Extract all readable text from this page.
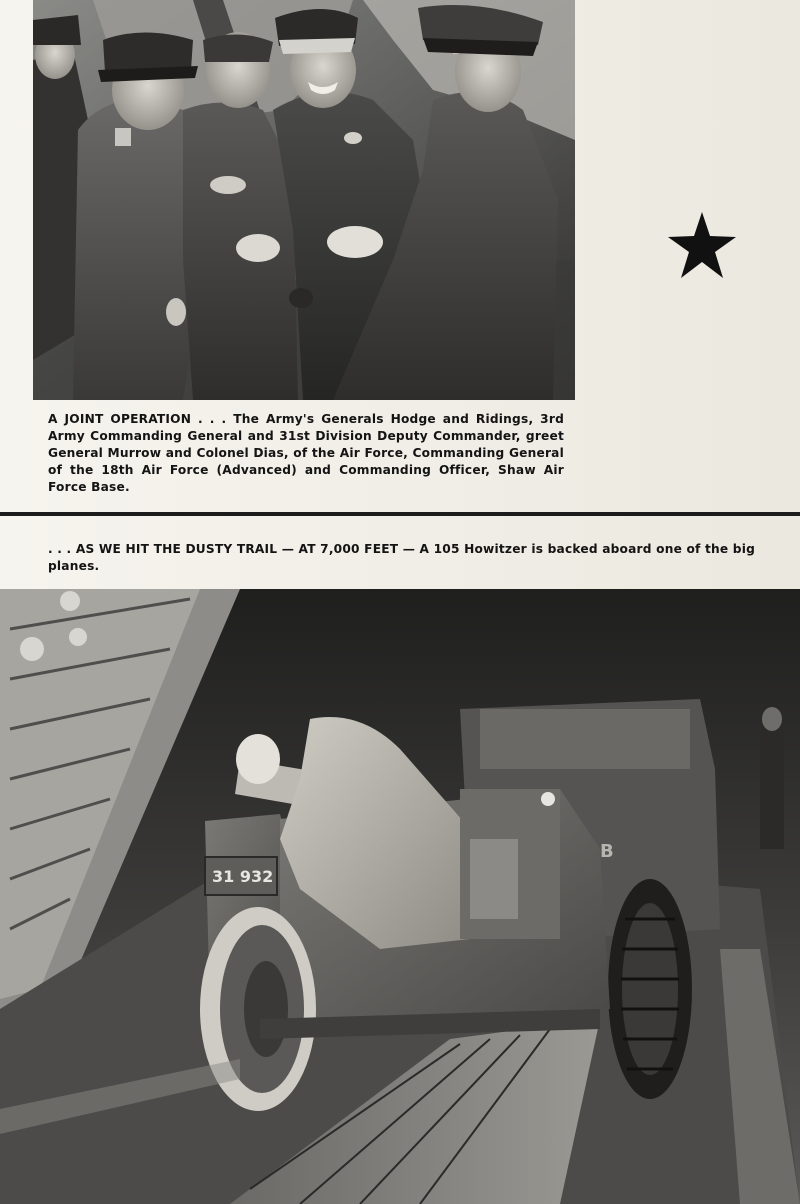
A JOINT OPERATION . . . The Army's Generals Hodge and Ridings, 3rd Army Commanding General and 31st Division Deputy Commander, greet General Murrow and Colonel Dias, of the Air Force, Commanding General of the 18th Air Force (Advanced) and Commanding Officer, Shaw Air Force Base.
. . . AS WE HIT THE DUSTY TRAIL — AT 7,000 FEET — A 105 Howitzer is backed aboard one of the big planes.
31 932
B
